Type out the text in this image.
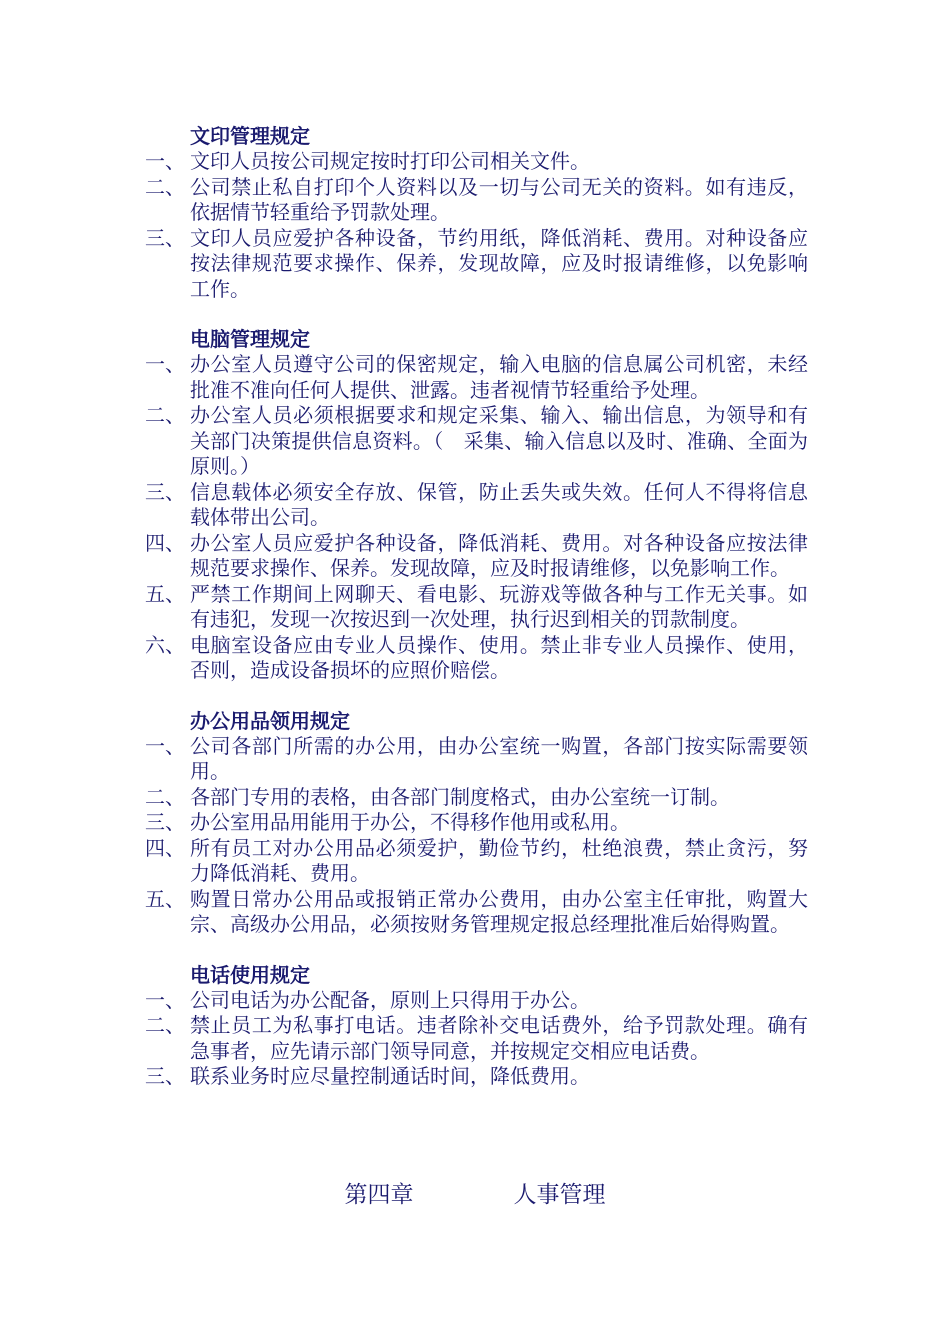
文印管理规定

一、 文印人员按公司规定按时打印公司相关文件。
二、 公司禁止私自打印个人资料以及一切与公司无关的资料。如有违反，依据情节轻重给予罚款处理。
三、 文印人员应爱护各种设备，节约用纸，降低消耗、费用。对种设备应按法律规范要求操作、保养，发现故障，应及时报请维修，以免影响工作。

电脑管理规定

一、 办公室人员遵守公司的保密规定，输入电脑的信息属公司机密，未经批准不准向任何人提供、泄露。违者视情节轻重给予处理。
二、 办公室人员必须根据要求和规定采集、输入、输出信息，为领导和有关部门决策提供信息资料。（　采集、输入信息以及时、准确、全面为原则。）
三、 信息载体必须安全存放、保管，防止丢失或失效。任何人不得将信息载体带出公司。
四、 办公室人员应爱护各种设备，降低消耗、费用。对各种设备应按法律规范要求操作、保养。发现故障，应及时报请维修，以免影响工作。
五、 严禁工作期间上网聊天、看电影、玩游戏等做各种与工作无关事。如有违犯，发现一次按迟到一次处理，执行迟到相关的罚款制度。
六、 电脑室设备应由专业人员操作、使用。禁止非专业人员操作、使用，否则，造成设备损坏的应照价赔偿。

办公用品领用规定

一、 公司各部门所需的办公用，由办公室统一购置，各部门按实际需要领用。
二、 各部门专用的表格，由各部门制度格式，由办公室统一订制。
三、 办公室用品用能用于办公，不得移作他用或私用。
四、 所有员工对办公用品必须爱护，勤俭节约，杜绝浪费，禁止贪污，努力降低消耗、费用。
五、 购置日常办公用品或报销正常办公费用，由办公室主任审批，购置大宗、高级办公用品，必须按财务管理规定报总经理批准后始得购置。

电话使用规定

一、 公司电话为办公配备，原则上只得用于办公。
二、 禁止员工为私事打电话。违者除补交电话费外，给予罚款处理。确有急事者，应先请示部门领导同意，并按规定交相应电话费。
三、 联系业务时应尽量控制通话时间，降低费用。
第四章	人事管理
